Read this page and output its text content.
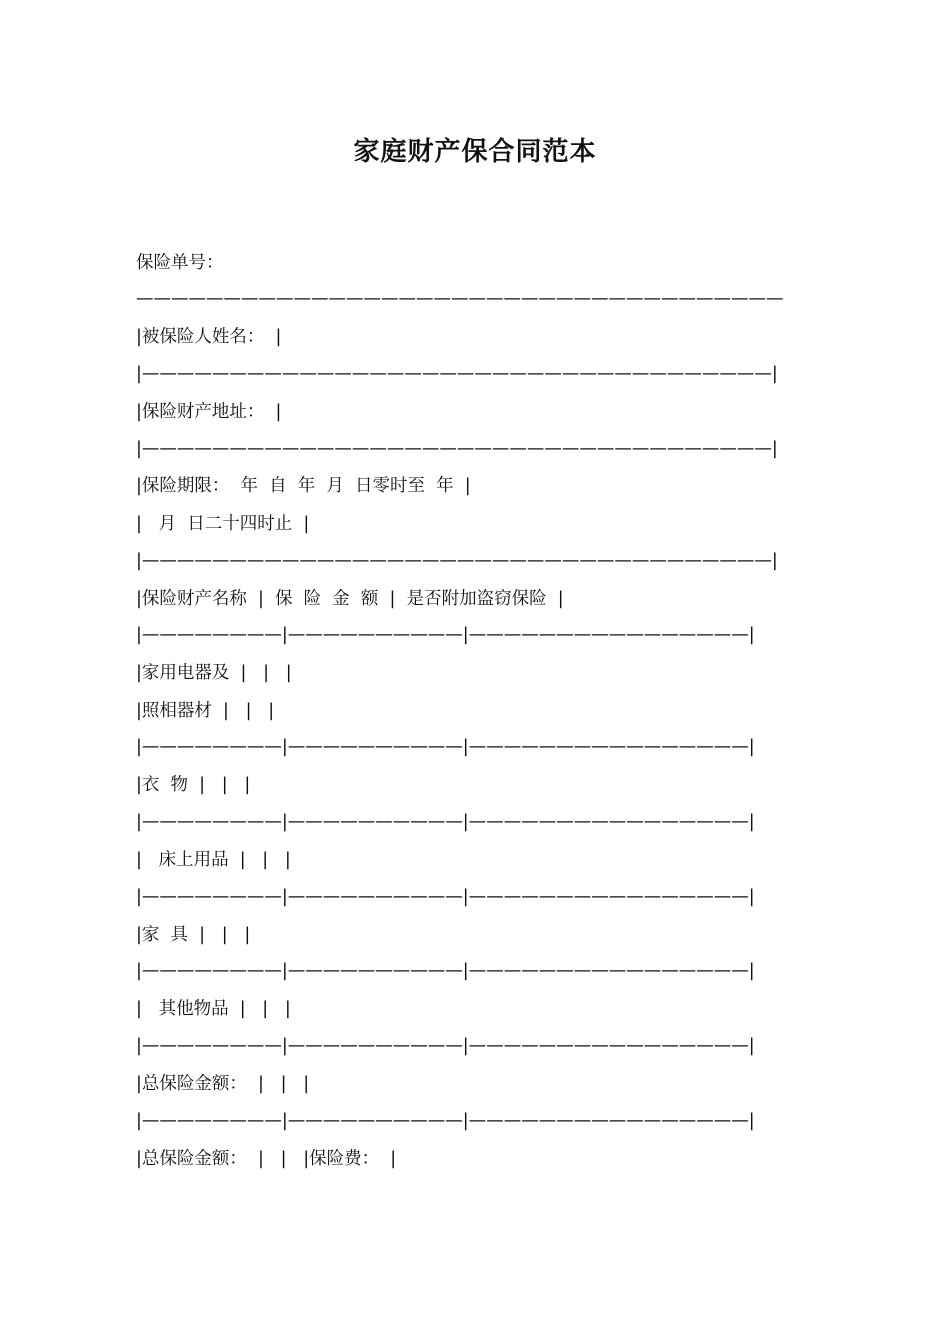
家庭财产保合同范本
保险单号：
—————————————————————————————————————
|被保险人姓名：  |
|————————————————————————————————————|
|保险财产地址：  |
|————————————————————————————————————|
|保险期限：  年  自  年  月  日零时至  年  |
|   月  日二十四时止  |
|————————————————————————————————————|
|保险财产名称  |  保  险  金  额  |  是否附加盗窃保险  |
|————————|——————————|————————————————|
|家用电器及  |   |   |
|照相器材  |   |   |
|————————|——————————|————————————————|
|衣  物  |   |   |
|————————|——————————|————————————————|
|   床上用品  |   |   |
|————————|——————————|————————————————|
|家  具  |   |   |
|————————|——————————|————————————————|
|   其他物品  |   |   |
|————————|——————————|————————————————|
|总保险金额：  |   |   |
|————————|——————————|————————————————|
|总保险金额：  |   |   |保险费：  |
